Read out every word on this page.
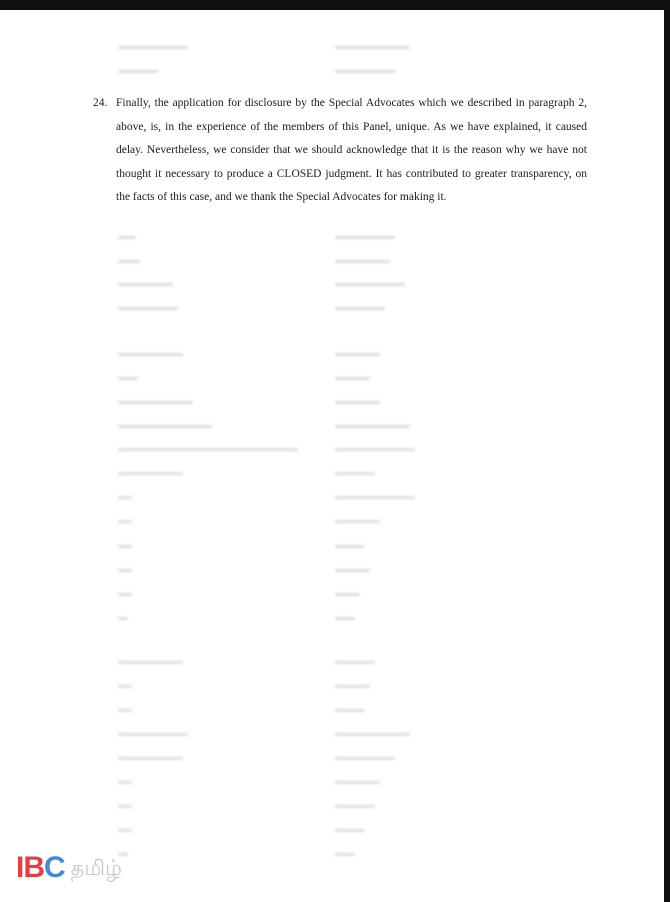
24. Finally, the application for disclosure by the Special Advocates which we described in paragraph 2, above, is, in the experience of the members of this Panel, unique. As we have explained, it caused delay. Nevertheless, we consider that we should acknowledge that it is the reason why we have not thought it necessary to produce a CLOSED judgment. It has contributed to greater transparency, on the facts of this case, and we thank the Special Advocates for making it.
IBC தமிழ்
